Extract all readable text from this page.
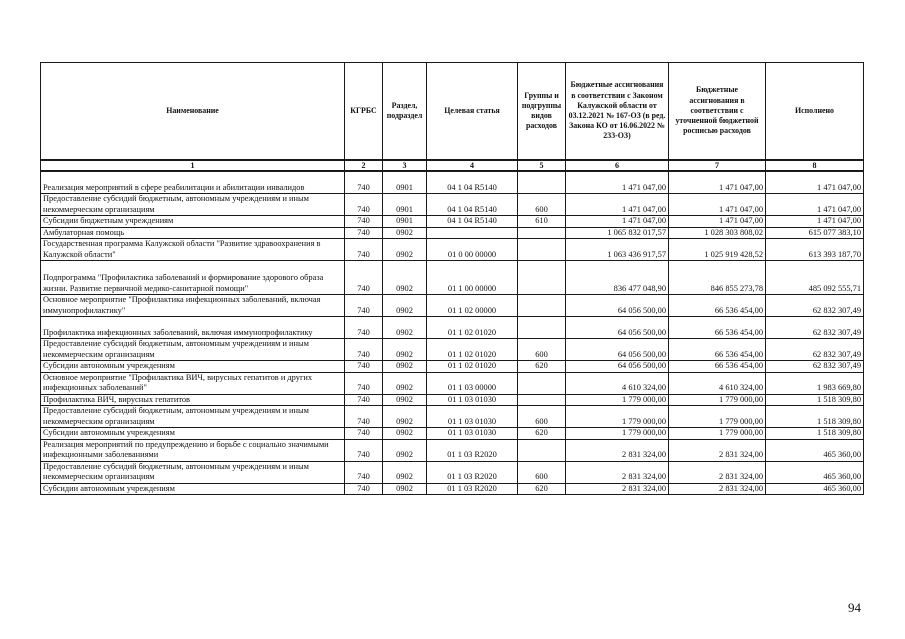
Наименование	КГРБС	Раздел, подраздел	Целевая статья	Группы и подгруппы видов расходов	Бюджетные ассигнования в соответствии с Законом Калужской области от 03.12.2021 № 167-ОЗ (в ред. Закона КО от 16.06.2022 № 233-ОЗ)	Бюджетные ассигнования в соответствии с уточненной бюджетной росписью расходов	Исполнено
1	2	3	4	5	6	7	8
Реализация мероприятий в сфере реабилитации и абилитации инвалидов	740	0901	04 1 04 R5140		1 471 047,00	1 471 047,00	1 471 047,00
Предоставление субсидий бюджетным, автономным учреждениям и иным некоммерческим организациям	740	0901	04 1 04 R5140	600	1 471 047,00	1 471 047,00	1 471 047,00
Субсидии бюджетным учреждениям	740	0901	04 1 04 R5140	610	1 471 047,00	1 471 047,00	1 471 047,00
Амбулаторная помощь	740	0902			1 065 832 017,57	1 028 303 808,02	615 077 383,10
Государственная программа Калужской области "Развитие здравоохранения в Калужской области"	740	0902	01 0 00 00000		1 063 436 917,57	1 025 919 428,52	613 393 187,70
Подпрограмма "Профилактика заболеваний и формирование здорового образа жизни. Развитие первичной медико-санитарной помощи"	740	0902	01 1 00 00000		836 477 048,90	846 855 273,78	485 092 555,71
Основное мероприятие "Профилактика инфекционных заболеваний, включая иммунопрофилактику"	740	0902	01 1 02 00000		64 056 500,00	66 536 454,00	62 832 307,49
Профилактика инфекционных заболеваний, включая иммунопрофилактику	740	0902	01 1 02 01020		64 056 500,00	66 536 454,00	62 832 307,49
Предоставление субсидий бюджетным, автономным учреждениям и иным некоммерческим организациям	740	0902	01 1 02 01020	600	64 056 500,00	66 536 454,00	62 832 307,49
Субсидии автономным учреждениям	740	0902	01 1 02 01020	620	64 056 500,00	66 536 454,00	62 832 307,49
Основное мероприятие "Профилактика ВИЧ, вирусных гепатитов и других инфекционных заболеваний"	740	0902	01 1 03 00000		4 610 324,00	4 610 324,00	1 983 669,80
Профилактика ВИЧ, вирусных гепатитов	740	0902	01 1 03 01030		1 779 000,00	1 779 000,00	1 518 309,80
Предоставление субсидий бюджетным, автономным учреждениям и иным некоммерческим организациям	740	0902	01 1 03 01030	600	1 779 000,00	1 779 000,00	1 518 309,80
Субсидии автономным учреждениям	740	0902	01 1 03 01030	620	1 779 000,00	1 779 000,00	1 518 309,80
Реализация мероприятий по предупреждению и борьбе с социально значимыми инфекционными заболеваниями	740	0902	01 1 03 R2020		2 831 324,00	2 831 324,00	465 360,00
Предоставление субсидий бюджетным, автономным учреждениям и иным некоммерческим организациям	740	0902	01 1 03 R2020	600	2 831 324,00	2 831 324,00	465 360,00
Субсидии автономным учреждениям	740	0902	01 1 03 R2020	620	2 831 324,00	2 831 324,00	465 360,00
94
